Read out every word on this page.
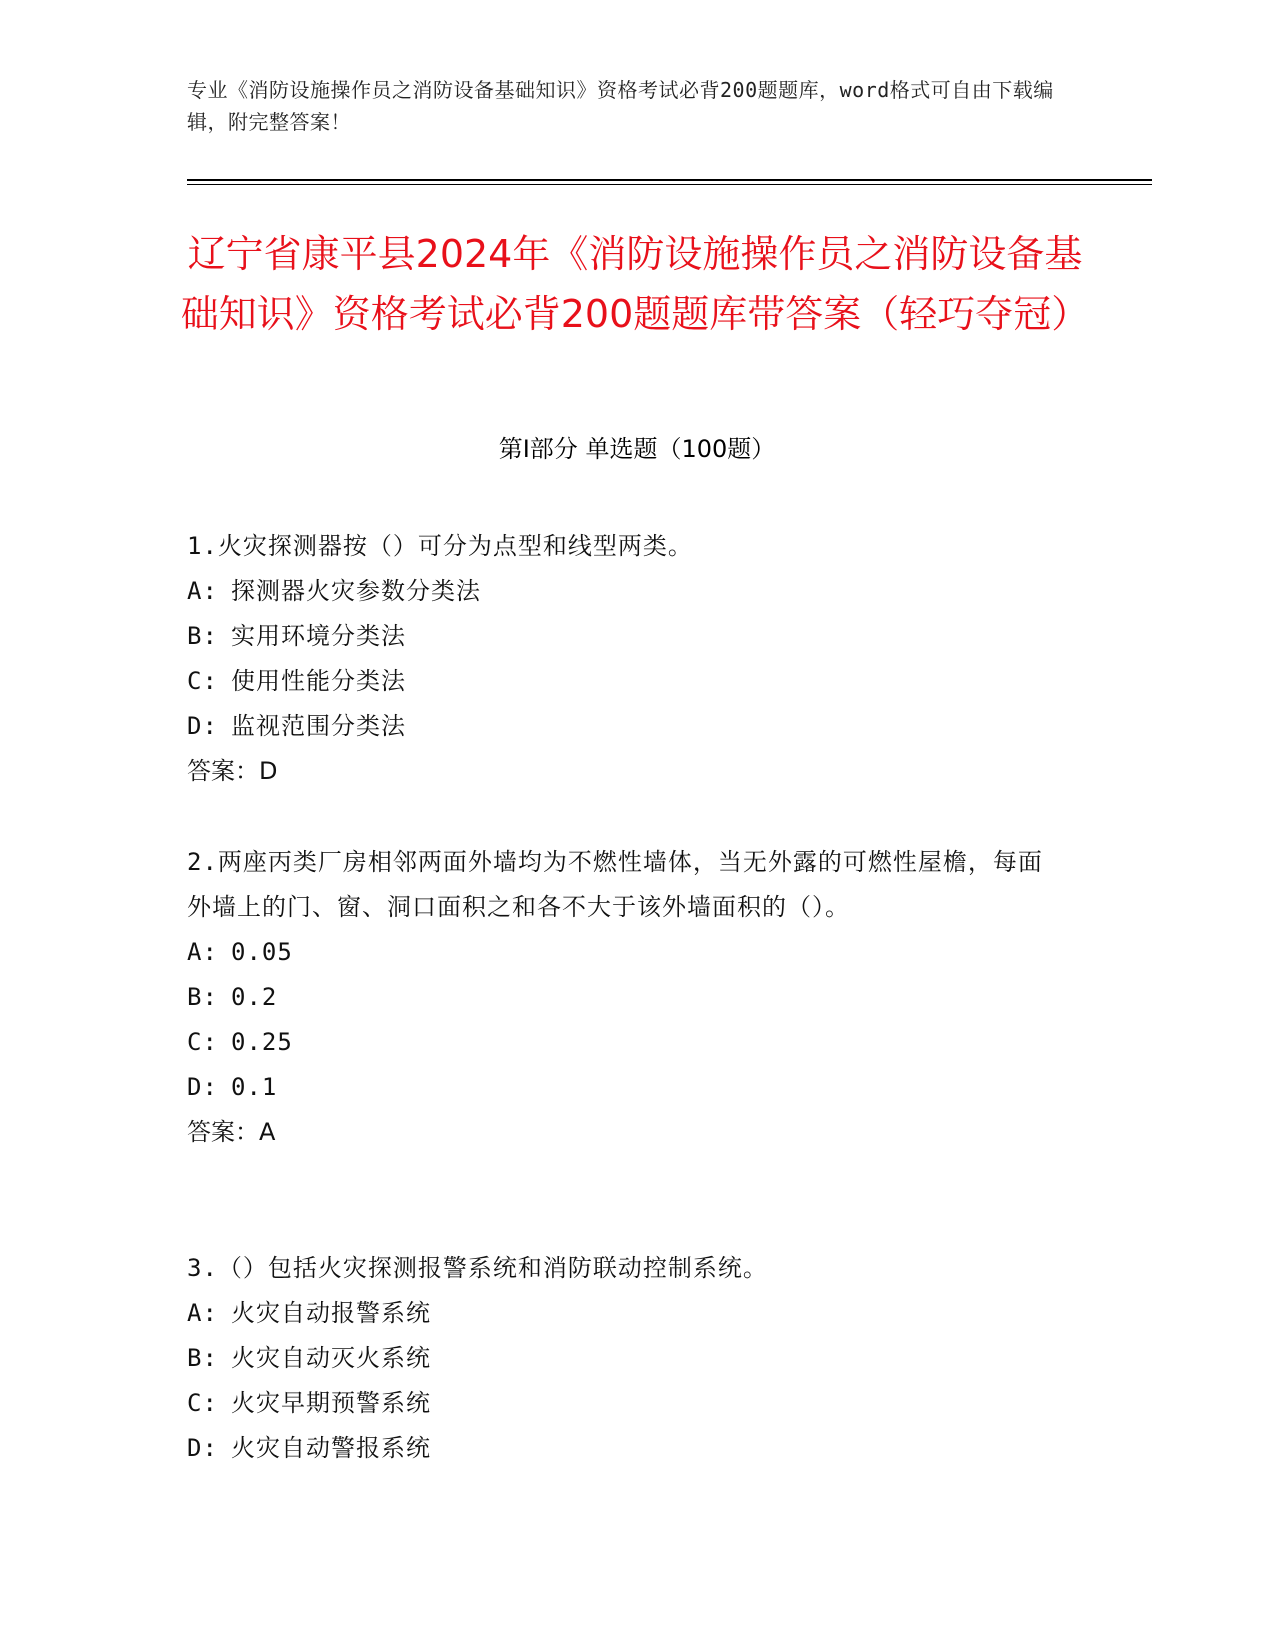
专业《消防设施操作员之消防设备基础知识》资格考试必背200题题库，word格式可自由下载编辑，附完整答案！
辽宁省康平县2024年《消防设施操作员之消防设备基础知识》资格考试必背200题题库带答案（轻巧夺冠）
第Ⅰ部分 单选题（100题）

1.火灾探测器按（）可分为点型和线型两类。

A: 探测器火灾参数分类法

B: 实用环境分类法

C: 使用性能分类法

D: 监视范围分类法

答案：D

2.两座丙类厂房相邻两面外墙均为不燃性墙体，当无外露的可燃性屋檐，每面外墙上的门、窗、洞口面积之和各不大于该外墙面积的（）。

A: 0.05

B: 0.2

C: 0.25

D: 0.1

答案：A

3.（）包括火灾探测报警系统和消防联动控制系统。

A: 火灾自动报警系统

B: 火灾自动灭火系统

C: 火灾早期预警系统

D: 火灾自动警报系统
